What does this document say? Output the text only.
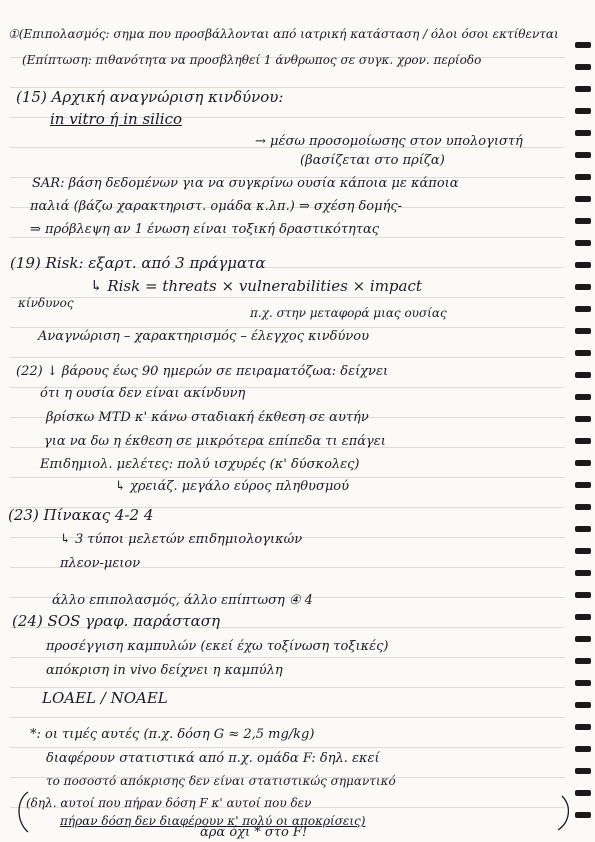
①(Επιπολασμός: σημα που προσβάλλονται από ιατρική κατάσταση / όλοι όσοι εκτίθενται
(Επίπτωση: πιθανότητα να προσβληθεί 1 άνθρωπος σε συγκ. χρον. περίοδο
(15) Αρχική αναγνώριση κινδύνου:
in vitro ή in silico
→ μέσω προσομοίωσης στον υπολογιστή
(βασίζεται στο πρίζα)
SAR: βάση δεδομένων για να συγκρίνω ουσία κάποια με κάποια
παλιά (βάζω χαρακτηριστ. ομάδα κ.λπ.) ⇒ σχέση δομής-
⇒ πρόβλεψη αν 1 ένωση είναι τοξική δραστικότητας
(19) Risk: εξαρτ. από 3 πράγματα
↳ Risk = threats × vulnerabilities × impact
κίνδυνος
π.χ. στην μεταφορά μιας ουσίας
Αναγνώριση – χαρακτηρισμός – έλεγχος κινδύνου
(22) ↓ βάρους έως 90 ημερών σε πειραματόζωα: δείχνει
ότι η ουσία δεν είναι ακίνδυνη
βρίσκω MTD κ' κάνω σταδιακή έκθεση σε αυτήν
για να δω η έκθεση σε μικρότερα επίπεδα τι επάγει
Επιδημιολ. μελέτες: πολύ ισχυρές (κ' δύσκολες)
↳ χρειάζ. μεγάλο εύρος πληθυσμού
(23) Πίνακας 4-2 4
↳ 3 τύποι μελετών επιδημιολογικών
πλεον-μειον
άλλο επιπολασμός, άλλο επίπτωση ④ 4
(24) SOS γραφ. παράσταση
προσέγγιση καμπυλών (εκεί έχω τοξίνωση τοξικές)
απόκριση in vivo δείχνει η καμπύλη
LOAEL / NOAEL
*: οι τιμές αυτές (π.χ. δόση G ≈ 2,5 mg/kg)
διαφέρουν στατιστικά από π.χ. ομάδα F: δηλ. εκεί
το ποσοστό απόκρισης δεν είναι στατιστικώς σημαντικό
(δηλ. αυτοί που πήραν δόση F κ' αυτοί που δεν
πήραν δόση δεν διαφέρουν κ' πολύ οι αποκρίσεις)
άρα όχι * στο F!
